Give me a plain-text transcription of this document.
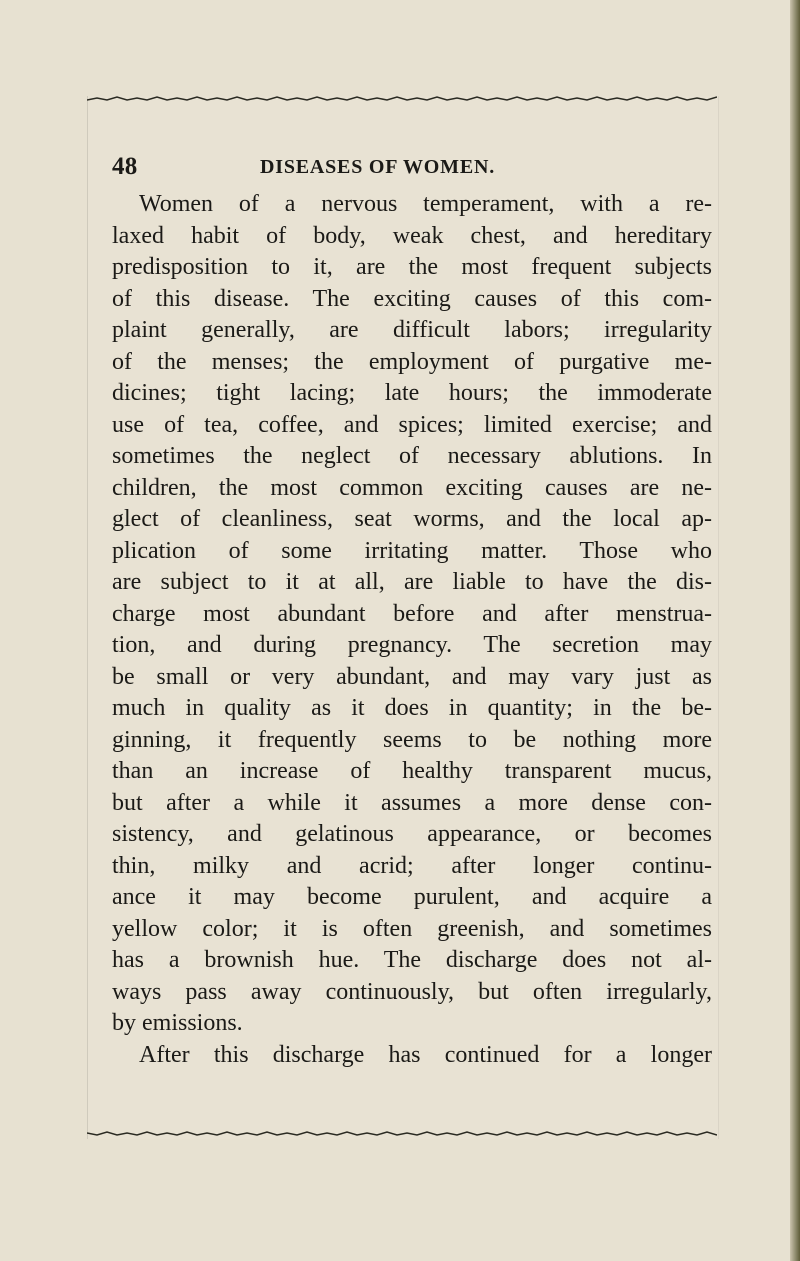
48	DISEASES OF WOMEN.
Women of a nervous temperament, with a re-
laxed habit of body, weak chest, and hereditary
predisposition to it, are the most frequent subjects
of this disease. The exciting causes of this com-
plaint generally, are difficult labors; irregularity
of the menses; the employment of purgative me-
dicines; tight lacing; late hours; the immoderate
use of tea, coffee, and spices; limited exercise; and
sometimes the neglect of necessary ablutions. In
children, the most common exciting causes are ne-
glect of cleanliness, seat worms, and the local ap-
plication of some irritating matter. Those who
are subject to it at all, are liable to have the dis-
charge most abundant before and after menstrua-
tion, and during pregnancy. The secretion may
be small or very abundant, and may vary just as
much in quality as it does in quantity; in the be-
ginning, it frequently seems to be nothing more
than an increase of healthy transparent mucus,
but after a while it assumes a more dense con-
sistency, and gelatinous appearance, or becomes
thin, milky and acrid; after longer continu-
ance it may become purulent, and acquire a
yellow color; it is often greenish, and sometimes
has a brownish hue. The discharge does not al-
ways pass away continuously, but often irregularly,
by emissions.
After this discharge has continued for a longer
